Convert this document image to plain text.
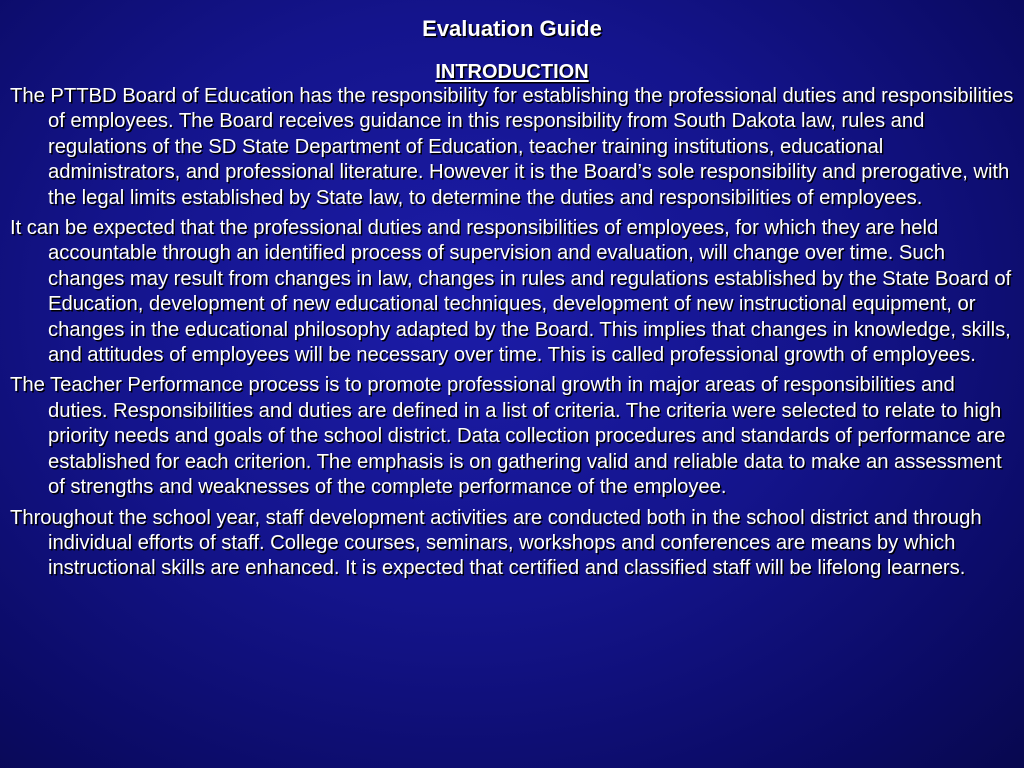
Evaluation Guide
INTRODUCTION

The PTTBD Board of Education has the responsibility for establishing the professional duties and responsibilities of employees. The Board receives guidance in this responsibility from South Dakota law, rules and regulations of the SD State Department of Education, teacher training institutions, educational administrators, and professional literature. However it is the Board’s sole responsibility and prerogative, with the legal limits established by State law, to determine the duties and responsibilities of employees.

It can be expected that the professional duties and responsibilities of employees, for which they are held accountable through an identified process of supervision and evaluation, will change over time. Such changes may result from changes in law, changes in rules and regulations established by the State Board of Education, development of new educational techniques, development of new instructional equipment, or changes in the educational philosophy adapted by the Board. This implies that changes in knowledge, skills, and attitudes of employees will be necessary over time. This is called professional growth of employees.

The Teacher Performance process is to promote professional growth in major areas of responsibilities and duties. Responsibilities and duties are defined in a list of criteria. The criteria were selected to relate to high priority needs and goals of the school district. Data collection procedures and standards of performance are established for each criterion. The emphasis is on gathering valid and reliable data to make an assessment of strengths and weaknesses of the complete performance of the employee.

Throughout the school year, staff development activities are conducted both in the school district and through individual efforts of staff. College courses, seminars, workshops and conferences are means by which instructional skills are enhanced. It is expected that certified and classified staff will be lifelong learners.
